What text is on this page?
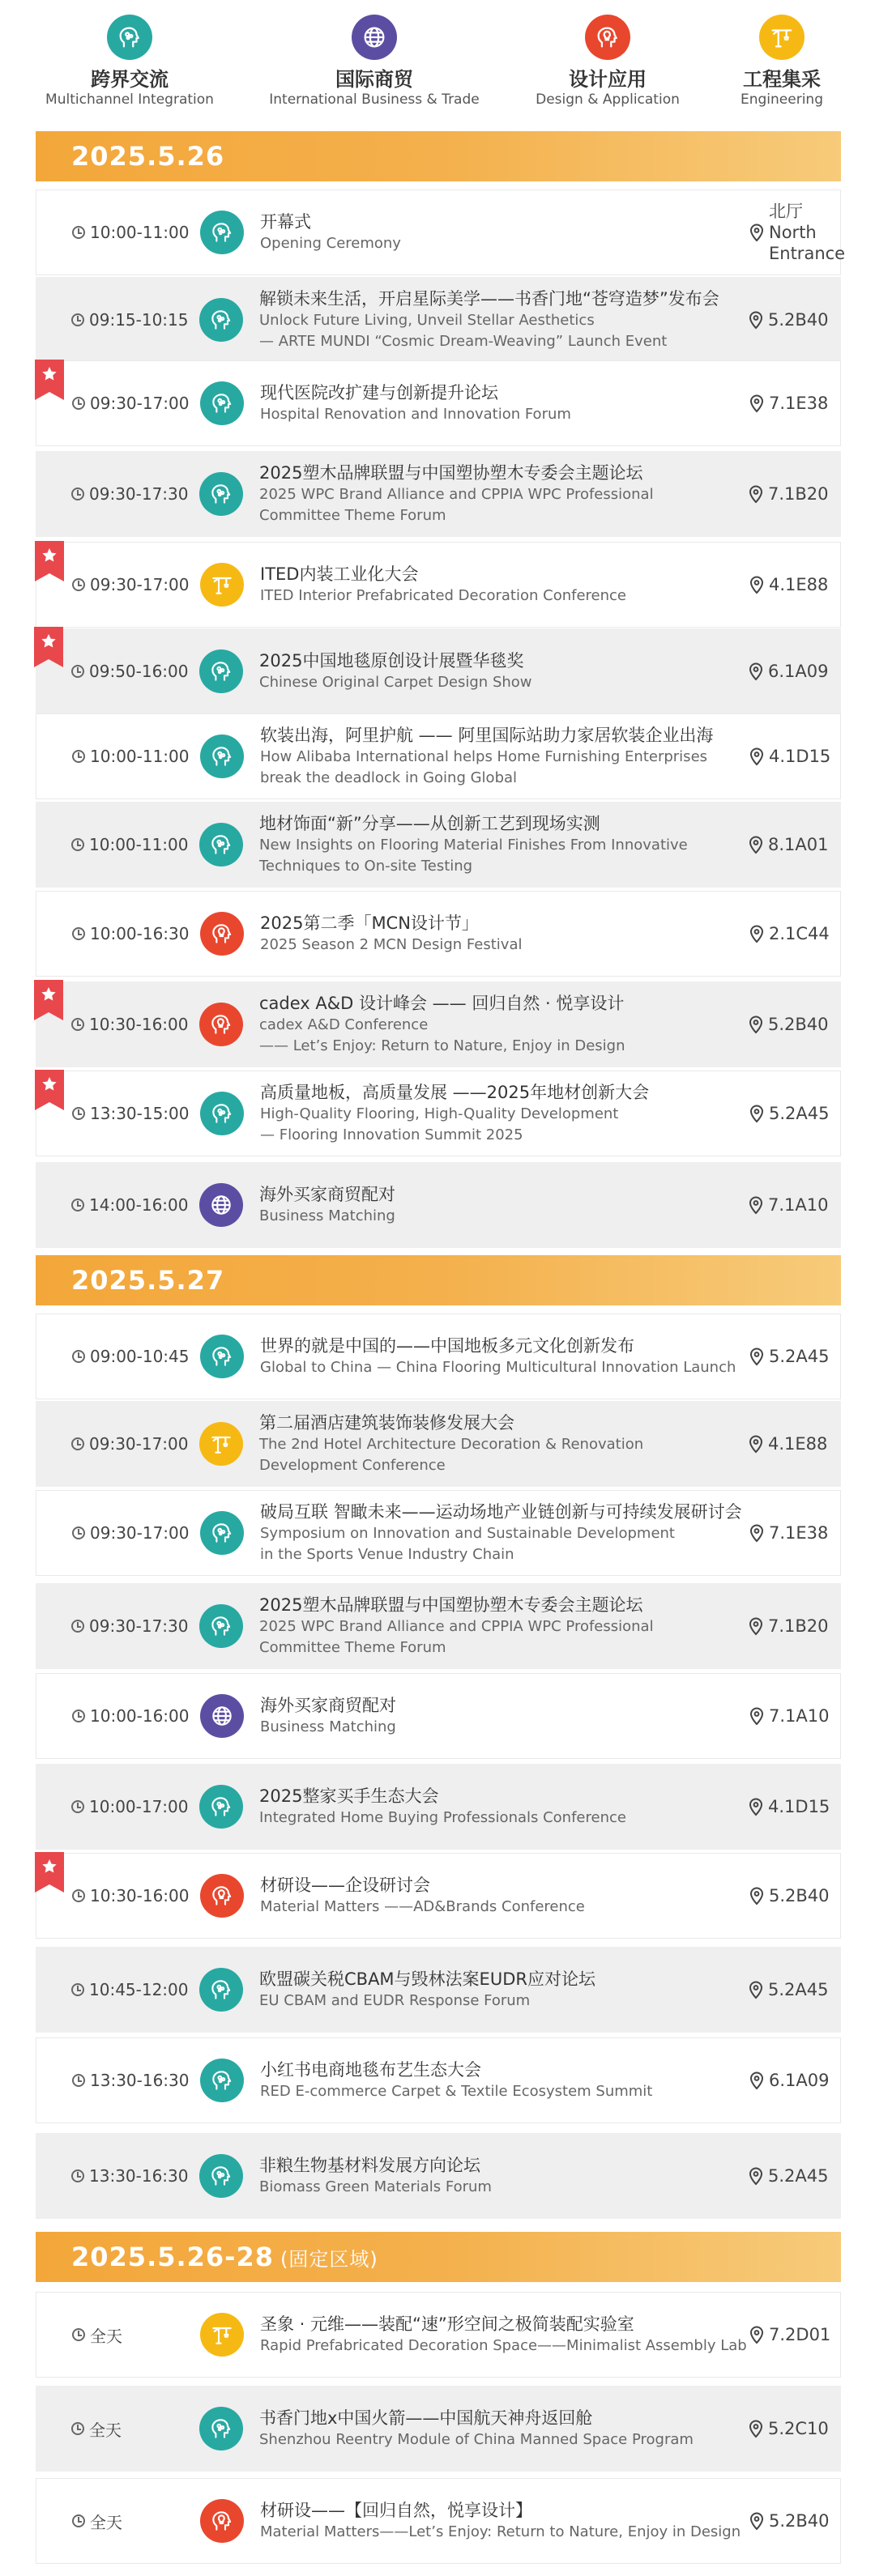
跨界交流
Multichannel Integration
国际商贸
International Business & Trade
设计应用
Design & Application
工程集采
Engineering
2025.5.26
10:00-11:00
开幕式
Opening Ceremony
北厅
North
Entrance
09:15-10:15
解锁未来生活，开启星际美学——书香门地“苍穹造梦”发布会
Unlock Future Living, Unveil Stellar Aesthetics
— ARTE MUNDI “Cosmic Dream-Weaving” Launch Event
5.2B40
09:30-17:00
现代医院改扩建与创新提升论坛
Hospital Renovation and Innovation Forum
7.1E38
09:30-17:30
2025塑木品牌联盟与中国塑协塑木专委会主题论坛
2025 WPC Brand Alliance and CPPIA WPC Professional
Committee Theme Forum
7.1B20
09:30-17:00
ITED内装工业化大会
ITED Interior Prefabricated Decoration Conference
4.1E88
09:50-16:00
2025中国地毯原创设计展暨华毯奖
Chinese Original Carpet Design Show
6.1A09
10:00-11:00
软装出海，阿里护航 —— 阿里国际站助力家居软装企业出海
How Alibaba International helps Home Furnishing Enterprises
break the deadlock in Going Global
4.1D15
10:00-11:00
地材饰面“新”分享——从创新工艺到现场实测
New Insights on Flooring Material Finishes From Innovative
Techniques to On-site Testing
8.1A01
10:00-16:30
2025第二季「MCN设计节」
2025 Season 2 MCN Design Festival
2.1C44
10:30-16:00
cadex A&D 设计峰会 —— 回归自然 · 悦享设计
cadex A&D Conference
—— Let’s Enjoy: Return to Nature, Enjoy in Design
5.2B40
13:30-15:00
高质量地板，高质量发展 ——2025年地材创新大会
High-Quality Flooring, High-Quality Development
— Flooring Innovation Summit 2025
5.2A45
14:00-16:00
海外买家商贸配对
Business Matching
7.1A10
2025.5.27
09:00-10:45
世界的就是中国的——中国地板多元文化创新发布
Global to China — China Flooring Multicultural Innovation Launch
5.2A45
09:30-17:00
第二届酒店建筑装饰装修发展大会
The 2nd Hotel Architecture Decoration & Renovation
Development Conference
4.1E88
09:30-17:00
破局互联 智瞰未来——运动场地产业链创新与可持续发展研讨会
Symposium on Innovation and Sustainable Development
in the Sports Venue Industry Chain
7.1E38
09:30-17:30
2025塑木品牌联盟与中国塑协塑木专委会主题论坛
2025 WPC Brand Alliance and CPPIA WPC Professional
Committee Theme Forum
7.1B20
10:00-16:00
海外买家商贸配对
Business Matching
7.1A10
10:00-17:00
2025整家买手生态大会
Integrated Home Buying Professionals Conference
4.1D15
10:30-16:00
材研设——企设研讨会
Material Matters ——AD&Brands Conference
5.2B40
10:45-12:00
欧盟碳关税CBAM与毁林法案EUDR应对论坛
EU CBAM and EUDR Response Forum
5.2A45
13:30-16:30
小红书电商地毯布艺生态大会
RED E-commerce Carpet & Textile Ecosystem Summit
6.1A09
13:30-16:30
非粮生物基材料发展方向论坛
Biomass Green Materials Forum
5.2A45
2025.5.26-28 (固定区域)
全天
圣象 · 元维——装配“速”形空间之极简装配实验室
Rapid Prefabricated Decoration Space——Minimalist Assembly Lab
7.2D01
全天
书香门地x中国火箭——中国航天神舟返回舱
Shenzhou Reentry Module of China Manned Space Program
5.2C10
全天
材研设——【回归自然，悦享设计】
Material Matters——Let’s Enjoy: Return to Nature, Enjoy in Design
5.2B40
